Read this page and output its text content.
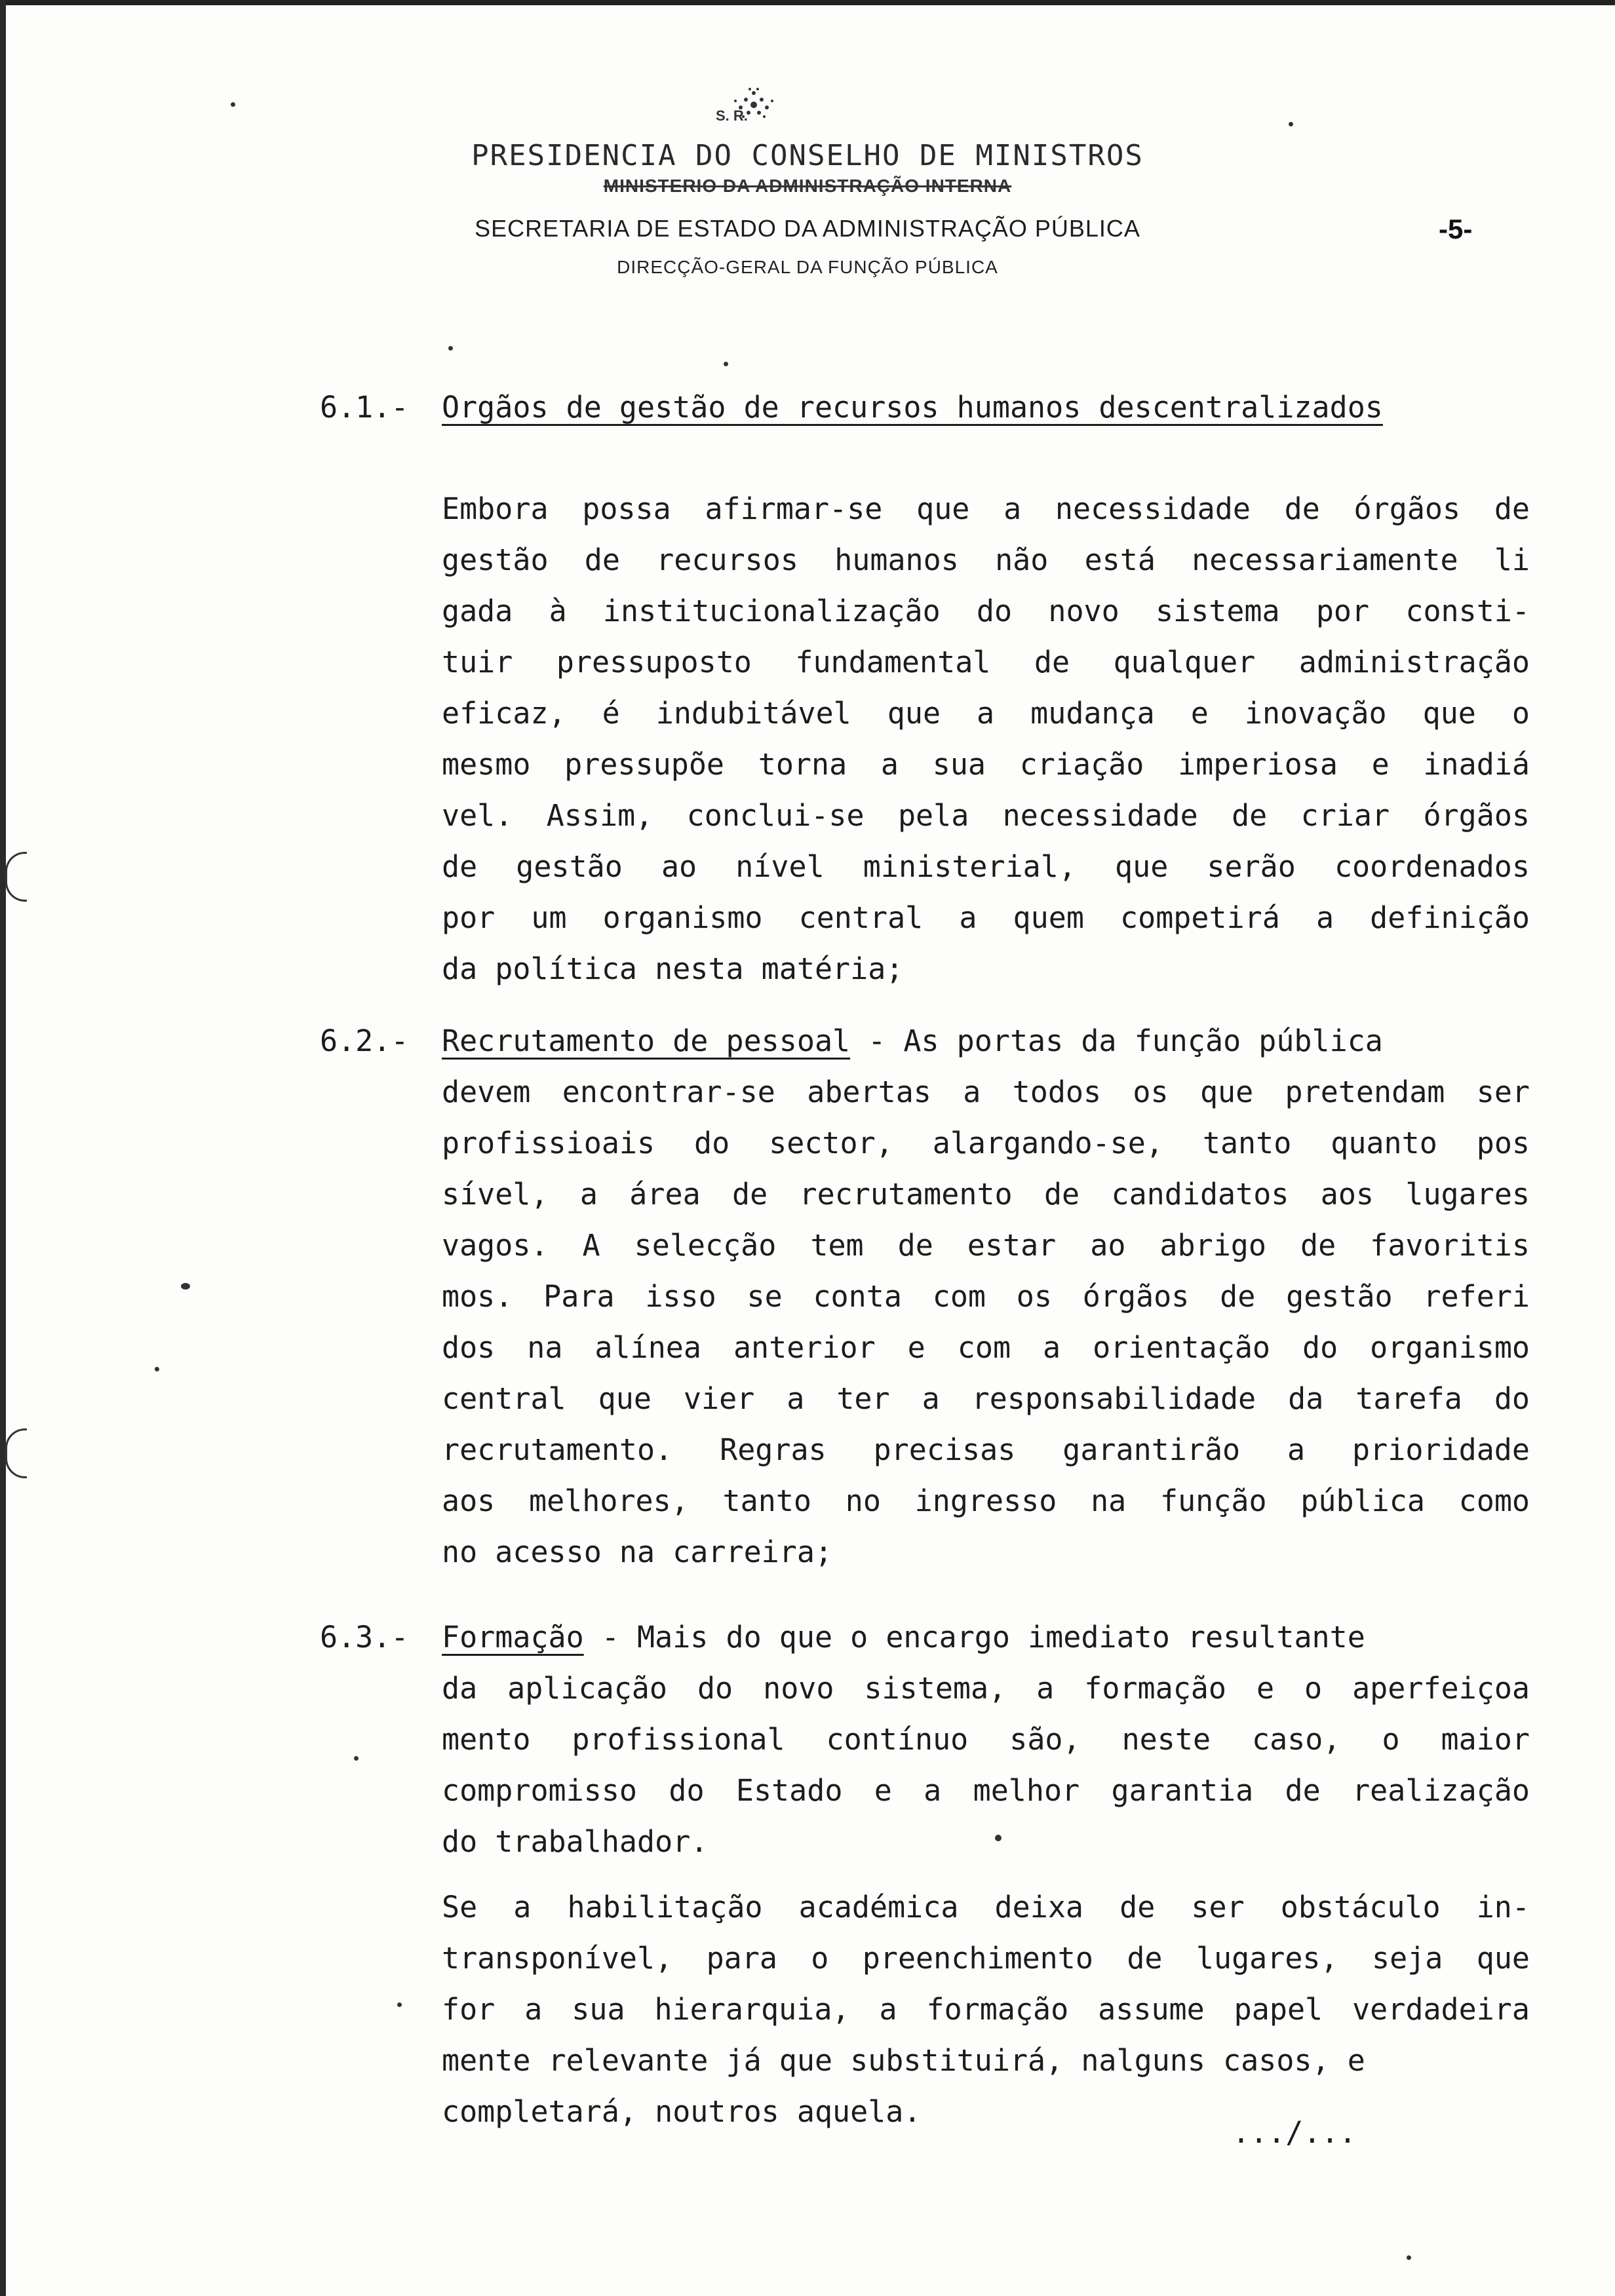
S. R.
PRESIDENCIA DO CONSELHO DE MINISTROS
MINISTERIO DA ADMINISTRAÇÃO INTERNA
SECRETARIA DE ESTADO DA ADMINISTRAÇÃO PÚBLICA
DIRECÇÃO-GERAL DA FUNÇÃO PÚBLICA
-5-
6.1.- Orgãos de gestão de recursos humanos descentralizados
Embora possa afirmar-se que a necessidade de órgãos de
gestão de recursos humanos não está necessariamente li
gada à institucionalização do novo sistema por consti-
tuir pressuposto fundamental de qualquer administração
eficaz, é indubitável que a mudança e inovação que o
mesmo pressupõe torna a sua criação imperiosa e inadiá
vel. Assim, conclui-se pela necessidade de criar órgãos
de gestão ao nível ministerial, que serão coordenados
por um organismo central a quem competirá a definição
da política nesta matéria;
6.2.- Recrutamento de pessoal - As portas da função pública
devem encontrar-se abertas a todos os que pretendam ser
profissioais do sector, alargando-se, tanto quanto pos
sível, a área de recrutamento de candidatos aos lugares
vagos. A selecção tem de estar ao abrigo de favoritis
mos. Para isso se conta com os órgãos de gestão referi
dos na alínea anterior e com a orientação do organismo
central que vier a ter a responsabilidade da tarefa do
recrutamento. Regras precisas garantirão a prioridade
aos melhores, tanto no ingresso na função pública como
no acesso na carreira;
6.3.- Formação - Mais do que o encargo imediato resultante
da aplicação do novo sistema, a formação e o aperfeiçoa
mento profissional contínuo são, neste caso, o maior
compromisso do Estado e a melhor garantia de realização
do trabalhador.
Se a habilitação académica deixa de ser obstáculo in-
transponível, para o preenchimento de lugares, seja que
for a sua hierarquia, a formação assume papel verdadeira
mente relevante já que substituirá, nalguns casos, e
completará, noutros aquela.
.../...
